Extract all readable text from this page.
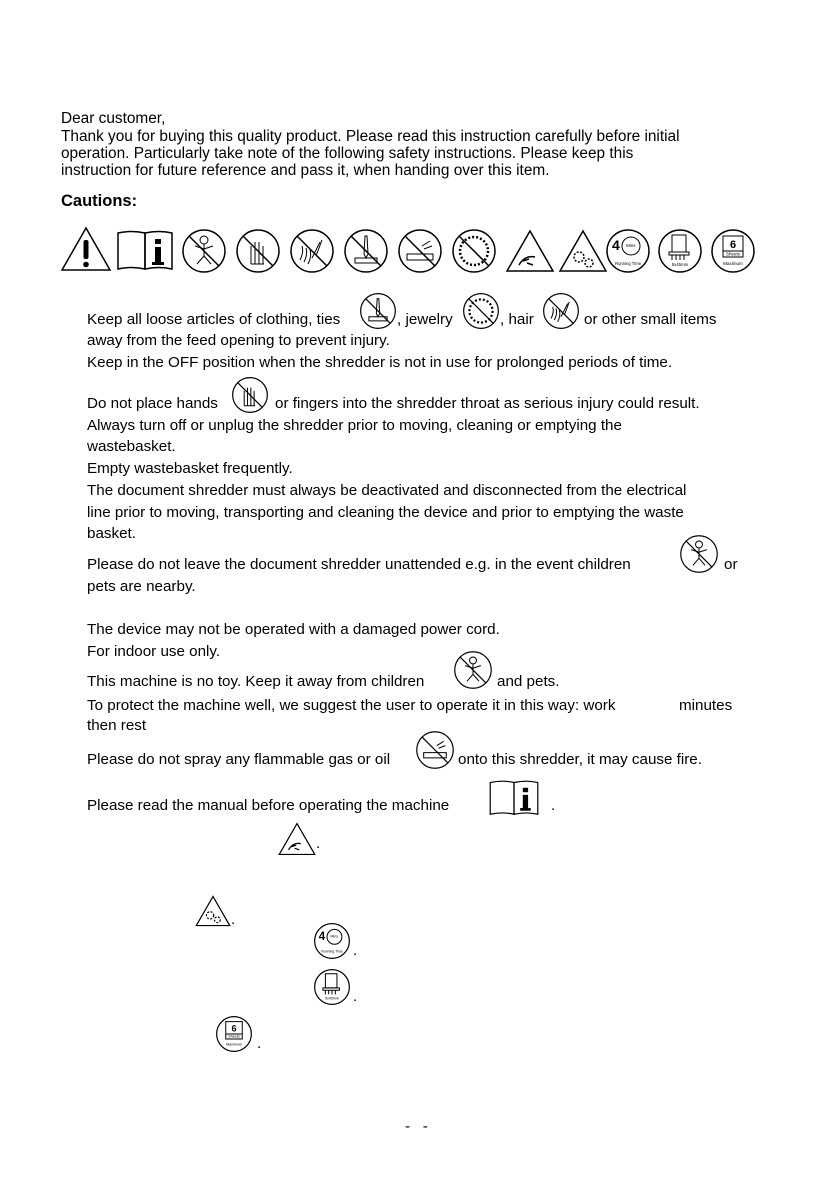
Dear customer,
Thank you for buying this quality product. Please read this instruction carefully before initial
operation. Particularly take note of the following safety instructions. Please keep this
instruction for future reference and pass it, when handing over this item.
Cautions:
4 Mins
Running Time	5x45mm
6
Sheets
Maximum
Keep all loose articles of clothing, ties	, jewelry	, hair	or other small items
away from the feed opening to prevent injury.
Keep in the OFF position when the shredder is not in use for prolonged periods of time.
Do not place hands	or fingers into the shredder throat as serious injury could result.
Always turn off or unplug the shredder prior to moving, cleaning or emptying the
wastebasket.
Empty wastebasket frequently.
The document shredder must always be deactivated and disconnected from the electrical
line prior to moving, transporting and cleaning the device and prior to emptying the waste
basket.
Please do not leave the document shredder unattended e.g. in the event children	or
pets are nearby.
The device may not be operated with a damaged power cord.
For indoor use only.
This machine is no toy. Keep it away from children	and pets.
To protect the machine well, we suggest the user to operate it in this way: work	minutes
then rest
Please do not spray any flammable gas or oil	onto this shredder, it may cause fire.
Please read the manual before operating the machine	.
.
.
4 Mins
Running Time .
5x45mm .
6
Sheets
Maximum .
-   -
